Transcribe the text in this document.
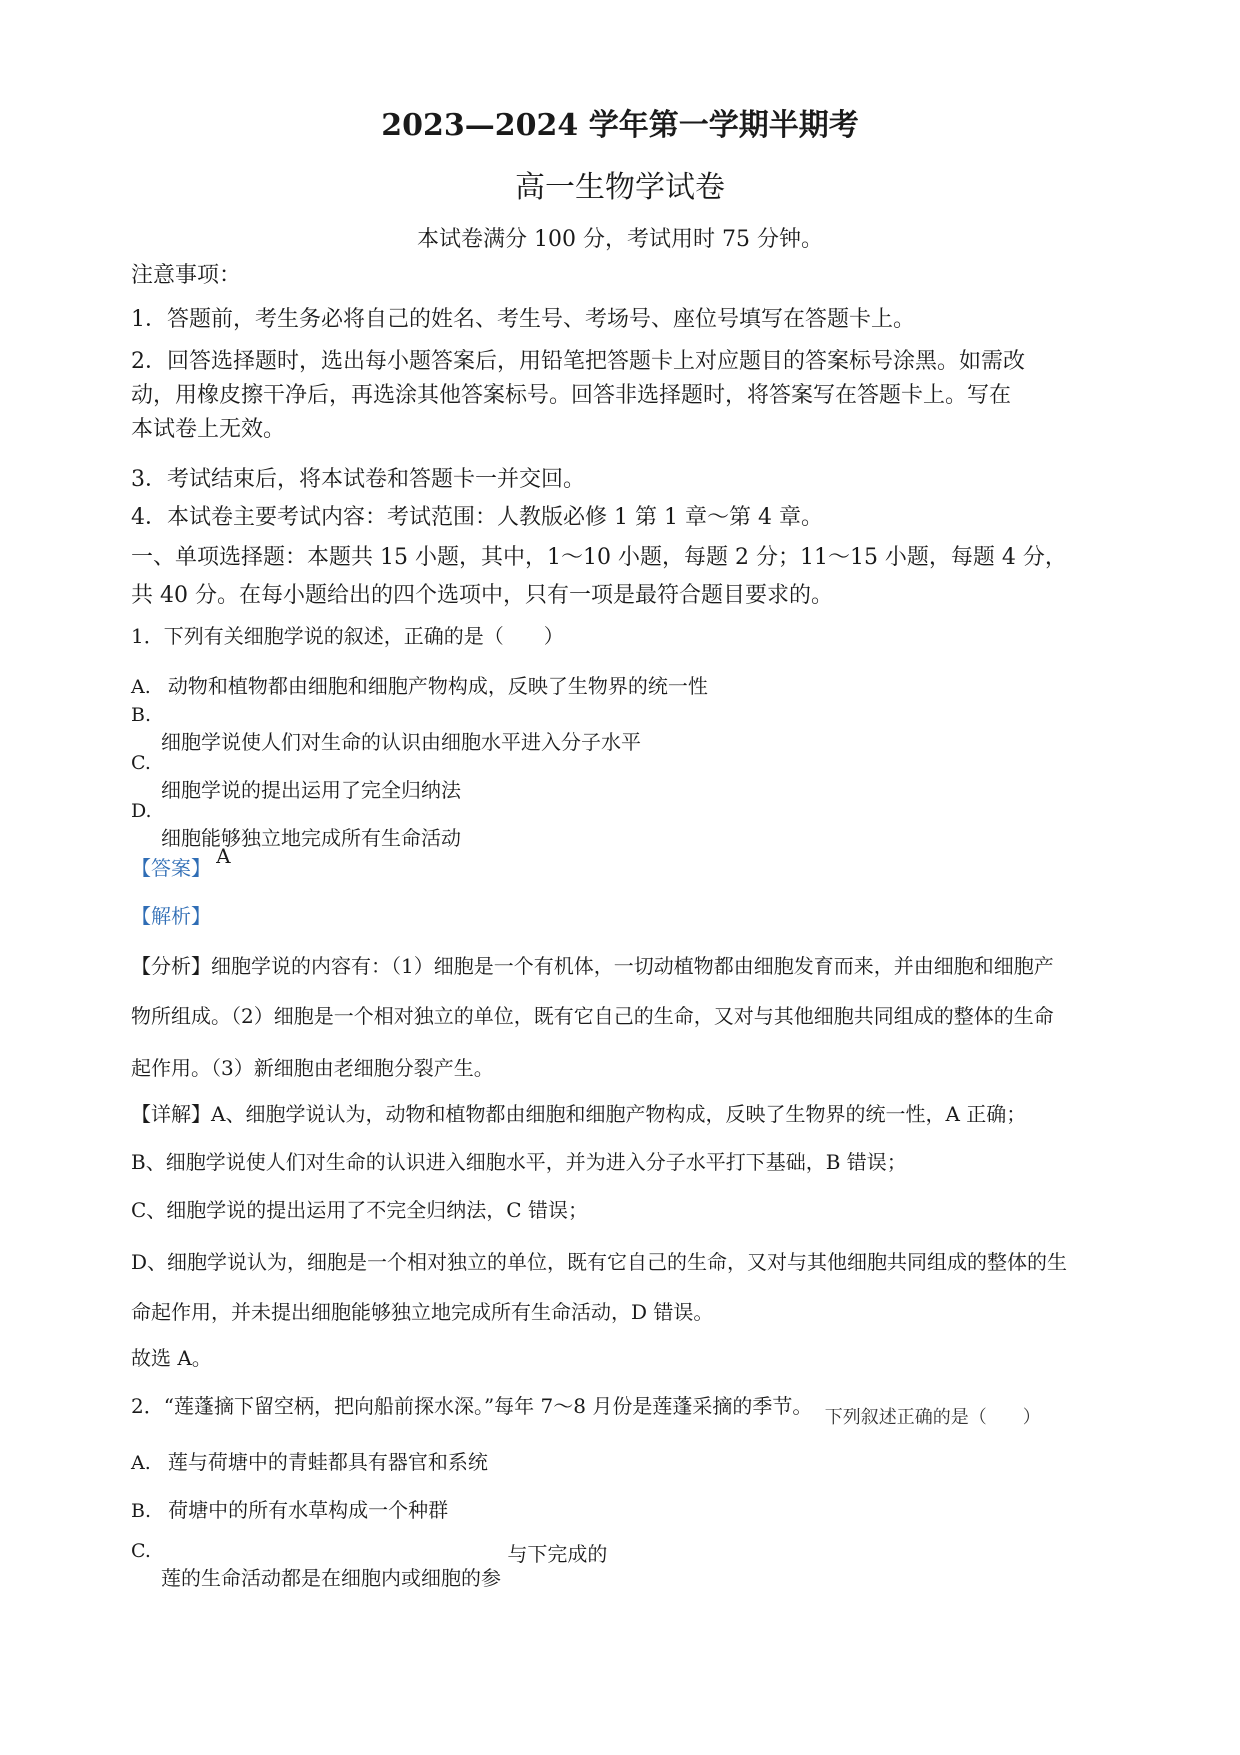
2023—2024 学年第一学期半期考
高一生物学试卷
本试卷满分 100 分，考试用时 75 分钟。
注意事项：
1．答题前，考生务必将自己的姓名、考生号、考场号、座位号填写在答题卡上。
2．回答选择题时，选出每小题答案后，用铅笔把答题卡上对应题目的答案标号涂黑。如需改
动，用橡皮擦干净后，再选涂其他答案标号。回答非选择题时，将答案写在答题卡上。写在
本试卷上无效。
3．考试结束后，将本试卷和答题卡一并交回。
4．本试卷主要考试内容：考试范围：人教版必修 1 第 1 章～第 4 章。
一、单项选择题：本题共 15 小题，其中，1～10 小题，每题 2 分；11～15 小题，每题 4 分，
共 40 分。在每小题给出的四个选项中，只有一项是最符合题目要求的。
1．下列有关细胞学说的叙述，正确的是（　　）
A. 动物和植物都由细胞和细胞产物构成，反映了生物界的统一性
B.
细胞学说使人们对生命的认识由细胞水平进入分子水平
C.
细胞学说的提出运用了完全归纳法
D.
细胞能够独立地完成所有生命活动
【答案】 A
【解析】
【分析】细胞学说的内容有：（1）细胞是一个有机体，一切动植物都由细胞发育而来，并由细胞和细胞产
物所组成。（2）细胞是一个相对独立的单位，既有它自己的生命，又对与其他细胞共同组成的整体的生命
起作用。（3）新细胞由老细胞分裂产生。
【详解】A、细胞学说认为，动物和植物都由细胞和细胞产物构成，反映了生物界的统一性，A 正确；
B、细胞学说使人们对生命的认识进入细胞水平，并为进入分子水平打下基础，B 错误；
C、细胞学说的提出运用了不完全归纳法，C 错误；
D、细胞学说认为，细胞是一个相对独立的单位，既有它自己的生命，又对与其他细胞共同组成的整体的生
命起作用，并未提出细胞能够独立地完成所有生命活动，D 错误。
故选 A。
2．“莲蓬摘下留空柄，把向船前探水深。”每年 7～8 月份是莲蓬采摘的季节。 下列叙述正确的是（　　）
A. 莲与荷塘中的青蛙都具有器官和系统
B. 荷塘中的所有水草构成一个种群
C.
莲的生命活动都是在细胞内或细胞的参 与下完成的
